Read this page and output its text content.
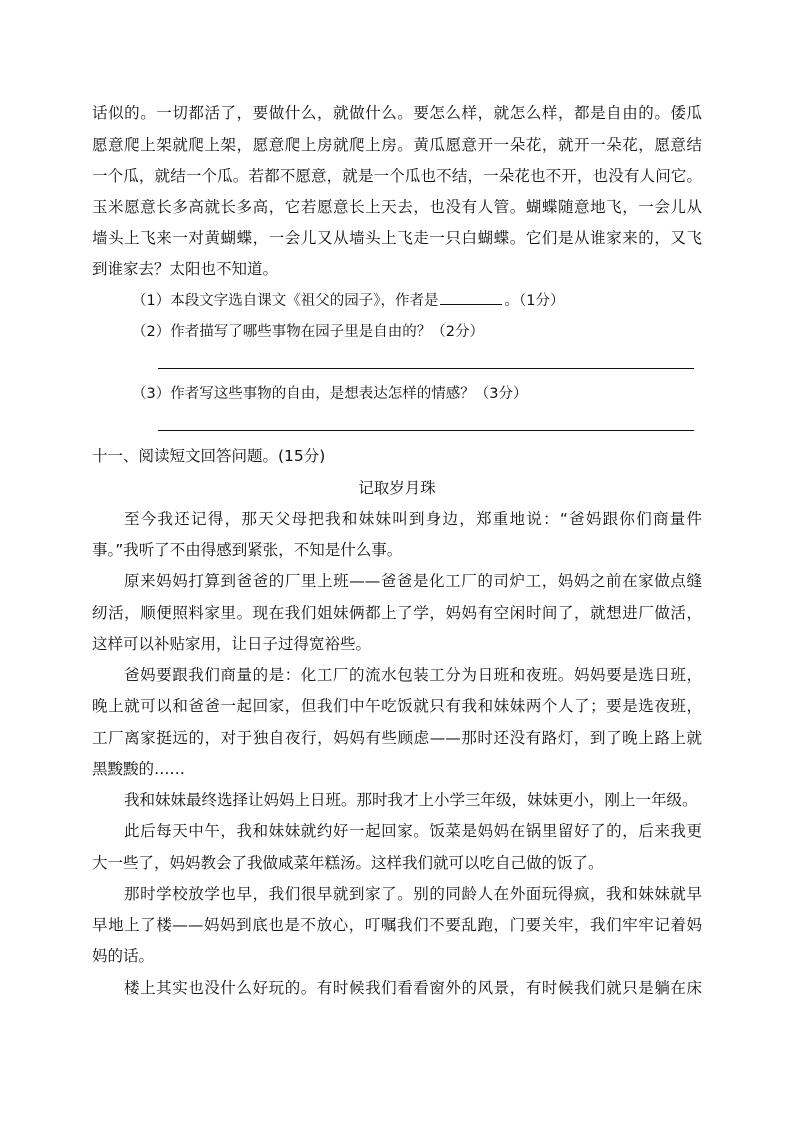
话似的。一切都活了，要做什么，就做什么。要怎么样，就怎么样，都是自由的。倭瓜
愿意爬上架就爬上架，愿意爬上房就爬上房。黄瓜愿意开一朵花，就开一朵花，愿意结
一个瓜，就结一个瓜。若都不愿意，就是一个瓜也不结，一朵花也不开，也没有人问它。
玉米愿意长多高就长多高，它若愿意长上天去，也没有人管。蝴蝶随意地飞，一会儿从
墙头上飞来一对黄蝴蝶，一会儿又从墙头上飞走一只白蝴蝶。它们是从谁家来的，又飞
到谁家去？太阳也不知道。
（1）本段文字选自课文《祖父的园子》，作者是	。（1分）
（2）作者描写了哪些事物在园子里是自由的？（2分）
（3）作者写这些事物的自由，是想表达怎样的情感？（3分）
十一、阅读短文回答问题。(15分)
记取岁月珠
至今我还记得，那天父母把我和妹妹叫到身边，郑重地说：“爸妈跟你们商量件
事。”我听了不由得感到紧张，不知是什么事。
原来妈妈打算到爸爸的厂里上班——爸爸是化工厂的司炉工，妈妈之前在家做点缝
纫活，顺便照料家里。现在我们姐妹俩都上了学，妈妈有空闲时间了，就想进厂做活，
这样可以补贴家用，让日子过得宽裕些。
爸妈要跟我们商量的是：化工厂的流水包装工分为日班和夜班。妈妈要是选日班，
晚上就可以和爸爸一起回家，但我们中午吃饭就只有我和妹妹两个人了；要是选夜班，
工厂离家挺远的，对于独自夜行，妈妈有些顾虑——那时还没有路灯，到了晚上路上就
黑黢黢的……
我和妹妹最终选择让妈妈上日班。那时我才上小学三年级，妹妹更小，刚上一年级。
此后每天中午，我和妹妹就约好一起回家。饭菜是妈妈在锅里留好了的，后来我更
大一些了，妈妈教会了我做咸菜年糕汤。这样我们就可以吃自己做的饭了。
那时学校放学也早，我们很早就到家了。别的同龄人在外面玩得疯，我和妹妹就早
早地上了楼——妈妈到底也是不放心，叮嘱我们不要乱跑，门要关牢，我们牢牢记着妈
妈的话。
楼上其实也没什么好玩的。有时候我们看看窗外的风景，有时候我们就只是躺在床
